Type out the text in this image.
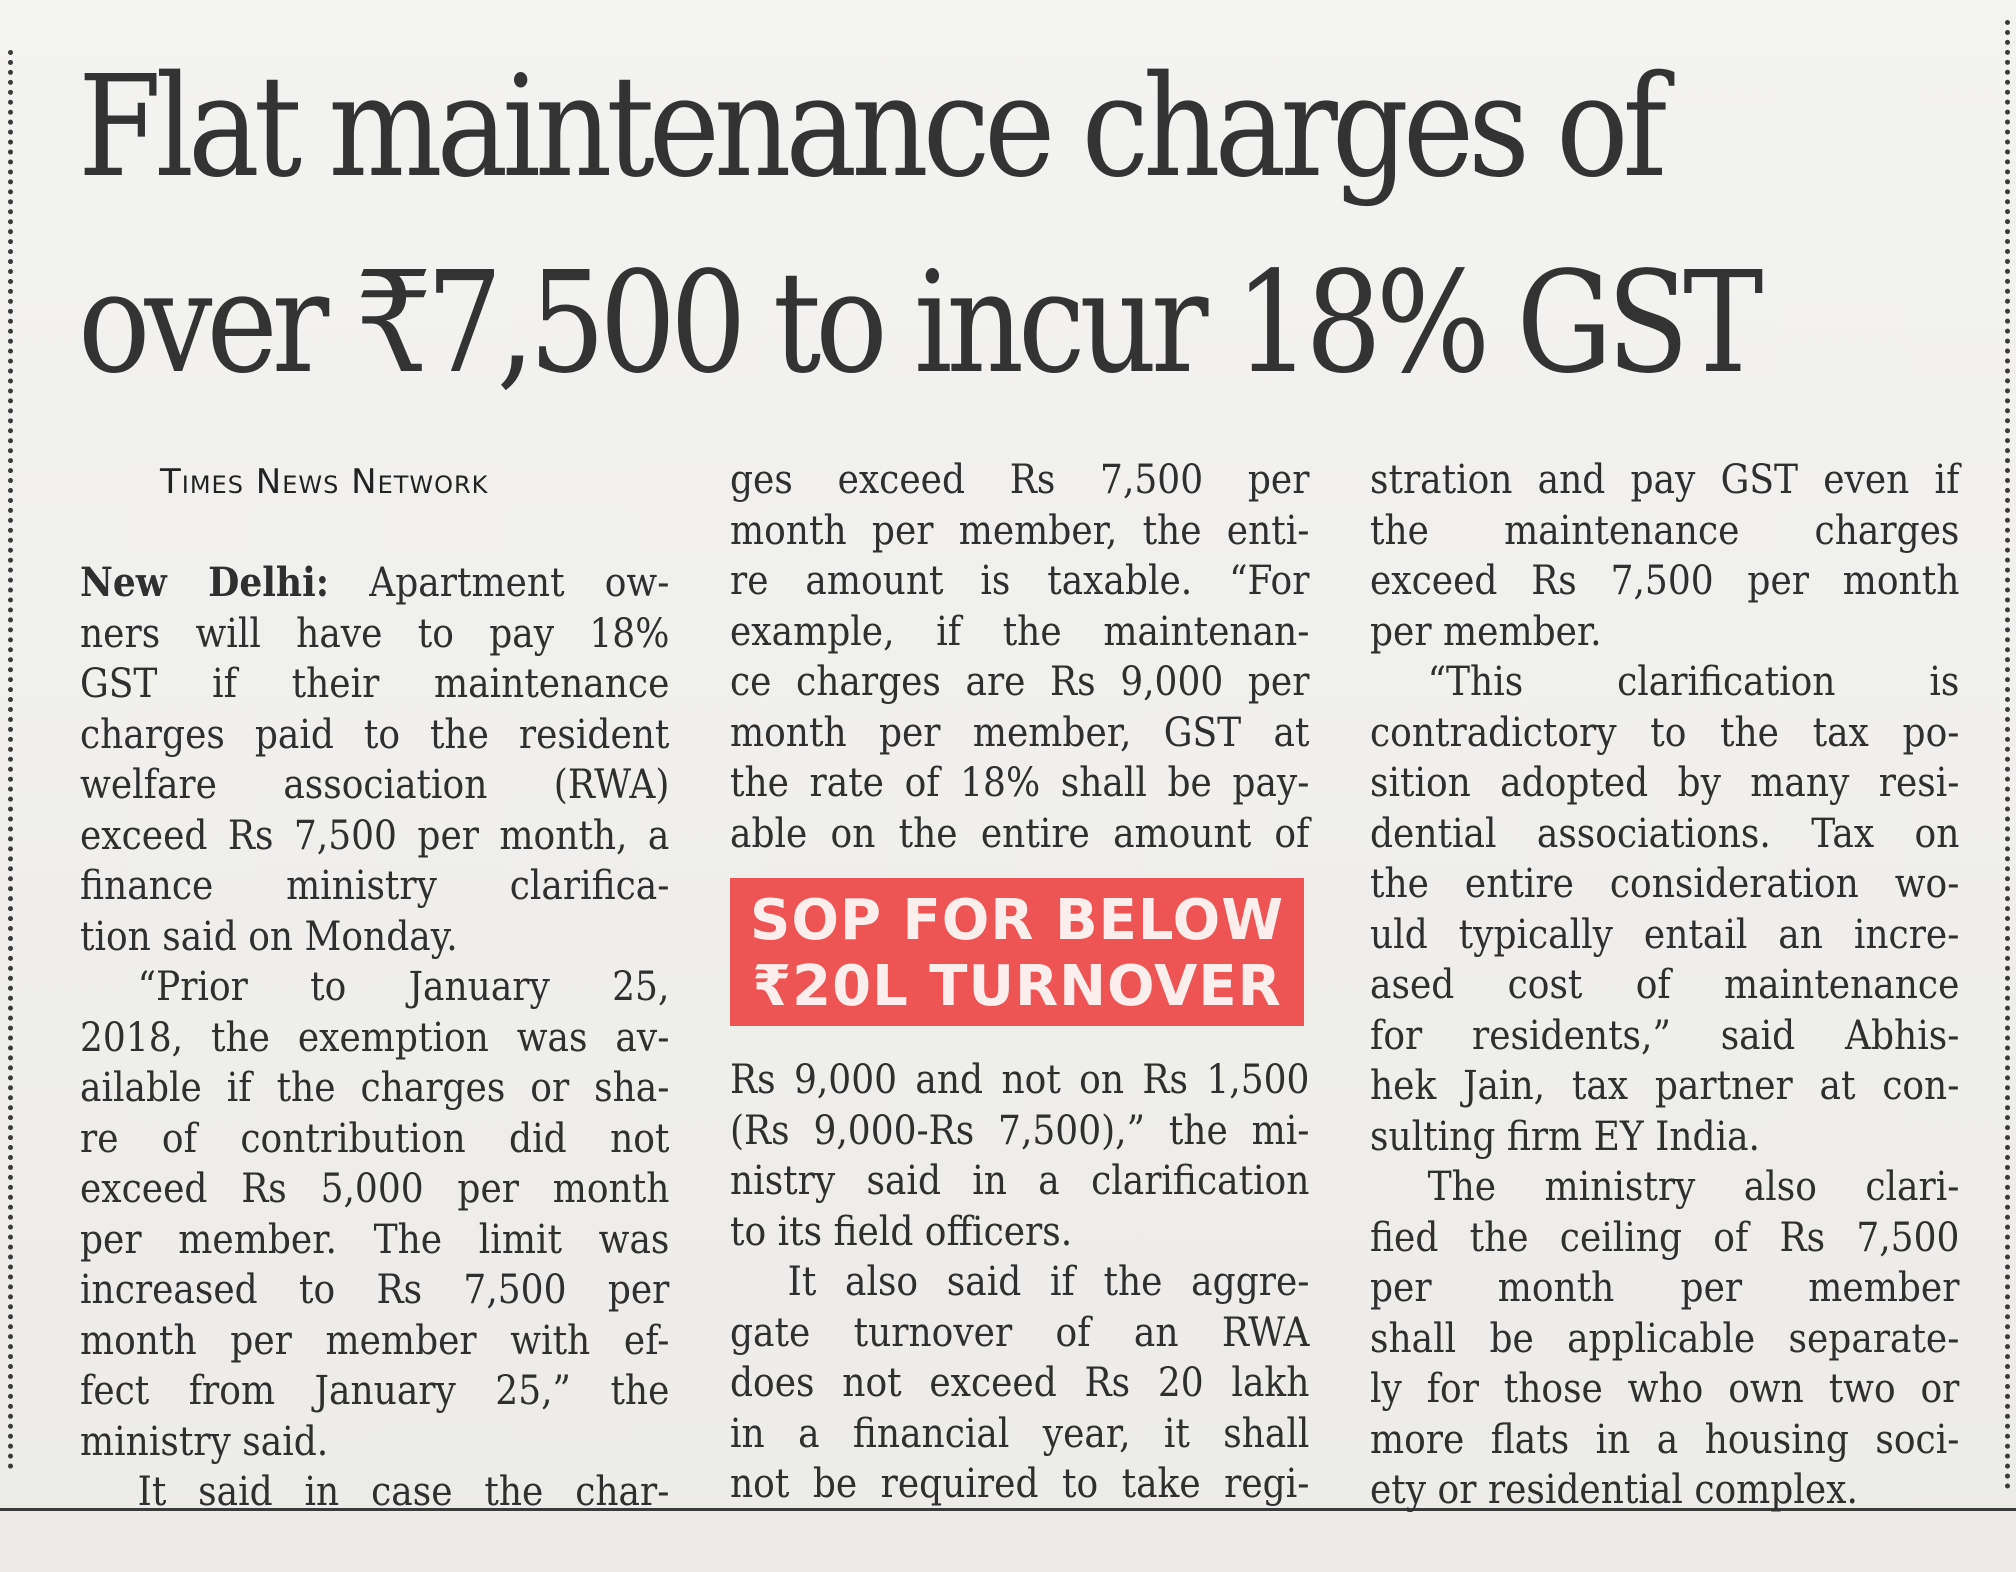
Flat maintenance charges of
over ₹7,500 to incur 18% GST
Times News Network
New Delhi: Apartment ow-
ners will have to pay 18%
GST if their maintenance
charges paid to the resident
welfare association (RWA)
exceed Rs 7,500 per month, a
finance ministry clarifica-
tion said on Monday.
“Prior to January 25,
2018, the exemption was av-
ailable if the charges or sha-
re of contribution did not
exceed Rs 5,000 per month
per member. The limit was
increased to Rs 7,500 per
month per member with ef-
fect from January 25,” the
ministry said.
It said in case the char-
ges exceed Rs 7,500 per
month per member, the enti-
re amount is taxable. “For
example, if the maintenan-
ce charges are Rs 9,000 per
month per member, GST at
the rate of 18% shall be pay-
able on the entire amount of
SOP FOR BELOW
₹20L TURNOVER
Rs 9,000 and not on Rs 1,500
(Rs 9,000-Rs 7,500),” the mi-
nistry said in a clarification
to its field officers.
It also said if the aggre-
gate turnover of an RWA
does not exceed Rs 20 lakh
in a financial year, it shall
not be required to take regi-
stration and pay GST even if
the maintenance charges
exceed Rs 7,500 per month
per member.
“This clarification is
contradictory to the tax po-
sition adopted by many resi-
dential associations. Tax on
the entire consideration wo-
uld typically entail an incre-
ased cost of maintenance
for residents,” said Abhis-
hek Jain, tax partner at con-
sulting firm EY India.
The ministry also clari-
fied the ceiling of Rs 7,500
per month per member
shall be applicable separate-
ly for those who own two or
more flats in a housing soci-
ety or residential complex.
